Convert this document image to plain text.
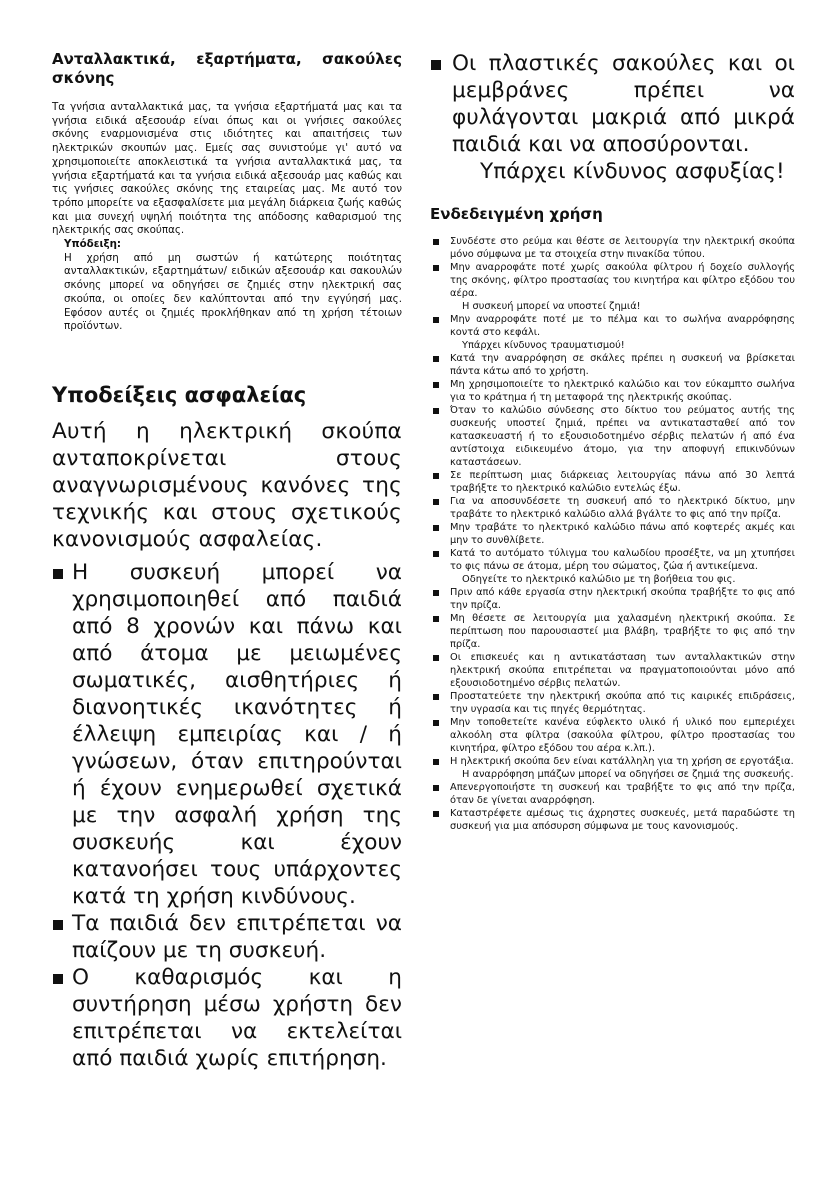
Ανταλλακτικά, εξαρτήματα, σακούλες σκόνης

Τα γνήσια ανταλλακτικά μας, τα γνήσια εξαρτήματά μας και τα γνήσια ειδικά αξεσουάρ είναι όπως και οι γνήσιες σακούλες σκόνης εναρμονισμένα στις ιδιότητες και απαιτήσεις των ηλεκτρικών σκουπών μας. Εμείς σας συνιστούμε γι' αυτό να χρησιμοποιείτε αποκλειστικά τα γνήσια ανταλλακτικά μας, τα γνήσια εξαρτήματά και τα γνήσια ειδικά αξεσουάρ μας καθώς και τις γνήσιες σακούλες σκόνης της εταιρείας μας. Με αυτό τον τρόπο μπορείτε να εξασφαλίσετε μια μεγάλη διάρκεια ζωής καθώς και μια συνεχή υψηλή ποιότητα της απόδοσης καθαρισμού της ηλεκτρικής σας σκούπας.

Υπόδειξη:

Η χρήση από μη σωστών ή κατώτερης ποιότητας ανταλλακτικών, εξαρτημάτων/ ειδικών αξεσουάρ και σακουλών σκόνης μπορεί να οδηγήσει σε ζημιές στην ηλεκτρική σας σκούπα, οι οποίες δεν καλύπτονται από την εγγύησή μας. Εφόσον αυτές οι ζημιές προκλήθηκαν από τη χρήση τέτοιων προϊόντων.

Υποδείξεις ασφαλείας

Αυτή η ηλεκτρική σκούπα ανταποκρίνεται στους αναγνωρισμένους κανόνες της τεχνικής και στους σχετικούς κανονισμούς ασφαλείας.

Η συσκευή μπορεί να χρησιμοποιηθεί από παιδιά από 8 χρονών και πάνω και από άτομα με μειωμένες σωματικές, αισθητήριες ή διανοητικές ικανότητες ή έλλειψη εμπειρίας και / ή γνώσεων, όταν επιτηρούνται ή έχουν ενημερωθεί σχετικά με την ασφαλή χρήση της συσκευής και έχουν κατανοήσει τους υπάρχοντες κατά τη χρήση κινδύνους.
Τα παιδιά δεν επιτρέπεται να παίζουν με τη συσκευή.
Ο καθαρισμός και η συντήρηση μέσω χρήστη δεν επιτρέπεται να εκτελείται από παιδιά χωρίς επιτήρηση.
Οι πλαστικές σακούλες και οι μεμβράνες πρέπει να φυλάγονται μακριά από μικρά παιδιά και να αποσύρονται.

Υπάρχει κίνδυνος ασφυξίας!

Ενδεδειγμένη χρήση
Συνδέστε στο ρεύμα και θέστε σε λειτουργία την ηλεκτρική σκούπα μόνο σύμφωνα με τα στοιχεία στην πινακίδα τύπου.
Μην αναρροφάτε ποτέ χωρίς σακούλα φίλτρου ή δοχείο συλλογής της σκόνης, φίλτρο προστασίας του κινητήρα και φίλτρο εξόδου του αέρα.
Η συσκευή μπορεί να υποστεί ζημιά!
Μην αναρροφάτε ποτέ με το πέλμα και το σωλήνα αναρρόφησης κοντά στο κεφάλι.
Υπάρχει κίνδυνος τραυματισμού!
Κατά την αναρρόφηση σε σκάλες πρέπει η συσκευή να βρίσκεται πάντα κάτω από το χρήστη.
Μη χρησιμοποιείτε το ηλεκτρικό καλώδιο και τον εύκαμπτο σωλήνα για το κράτημα ή τη μεταφορά της ηλεκτρικής σκούπας.
Όταν το καλώδιο σύνδεσης στο δίκτυο του ρεύματος αυτής της συσκευής υποστεί ζημιά, πρέπει να αντικατασταθεί από τον κατασκευαστή ή το εξουσιοδοτημένο σέρβις πελατών ή από ένα αντίστοιχα ειδικευμένο άτομο, για την αποφυγή επικινδύνων καταστάσεων.
Σε περίπτωση μιας διάρκειας λειτουργίας πάνω από 30 λεπτά τραβήξτε το ηλεκτρικό καλώδιο εντελώς έξω.
Για να αποσυνδέσετε τη συσκευή από το ηλεκτρικό δίκτυο, μην τραβάτε το ηλεκτρικό καλώδιο αλλά βγάλτε το φις από την πρίζα.
Μην τραβάτε το ηλεκτρικό καλώδιο πάνω από κοφτερές ακμές και μην το συνθλίβετε.
Κατά το αυτόματο τύλιγμα του καλωδίου προσέξτε, να μη χτυπήσει το φις πάνω σε άτομα, μέρη του σώματος, ζώα ή αντικείμενα.
Οδηγείτε το ηλεκτρικό καλώδιο με τη βοήθεια του φις.
Πριν από κάθε εργασία στην ηλεκτρική σκούπα τραβήξτε το φις από την πρίζα.
Μη θέσετε σε λειτουργία μια χαλασμένη ηλεκτρική σκούπα. Σε περίπτωση που παρουσιαστεί μια βλάβη, τραβήξτε το φις από την πρίζα.
Οι επισκευές και η αντικατάσταση των ανταλλακτικών στην ηλεκτρική σκούπα επιτρέπεται να πραγματοποιούνται μόνο από εξουσιοδοτημένο σέρβις πελατών.
Προστατεύετε την ηλεκτρική σκούπα από τις καιρικές επιδράσεις, την υγρασία και τις πηγές θερμότητας.
Μην τοποθετείτε κανένα εύφλεκτο υλικό ή υλικό που εμπεριέχει αλκοόλη στα φίλτρα (σακούλα φίλτρου, φίλτρο προστασίας του κινητήρα, φίλτρο εξόδου του αέρα κ.λπ.).
Η ηλεκτρική σκούπα δεν είναι κατάλληλη για τη χρήση σε εργοτάξια.
Η αναρρόφηση μπάζων μπορεί να οδηγήσει σε ζημιά της συσκευής.
Απενεργοποιήστε τη συσκευή και τραβήξτε το φις από την πρίζα, όταν δε γίνεται αναρρόφηση.
Καταστρέφετε αμέσως τις άχρηστες συσκευές, μετά παραδώστε τη συσκευή για μια απόσυρση σύμφωνα με τους κανονισμούς.
